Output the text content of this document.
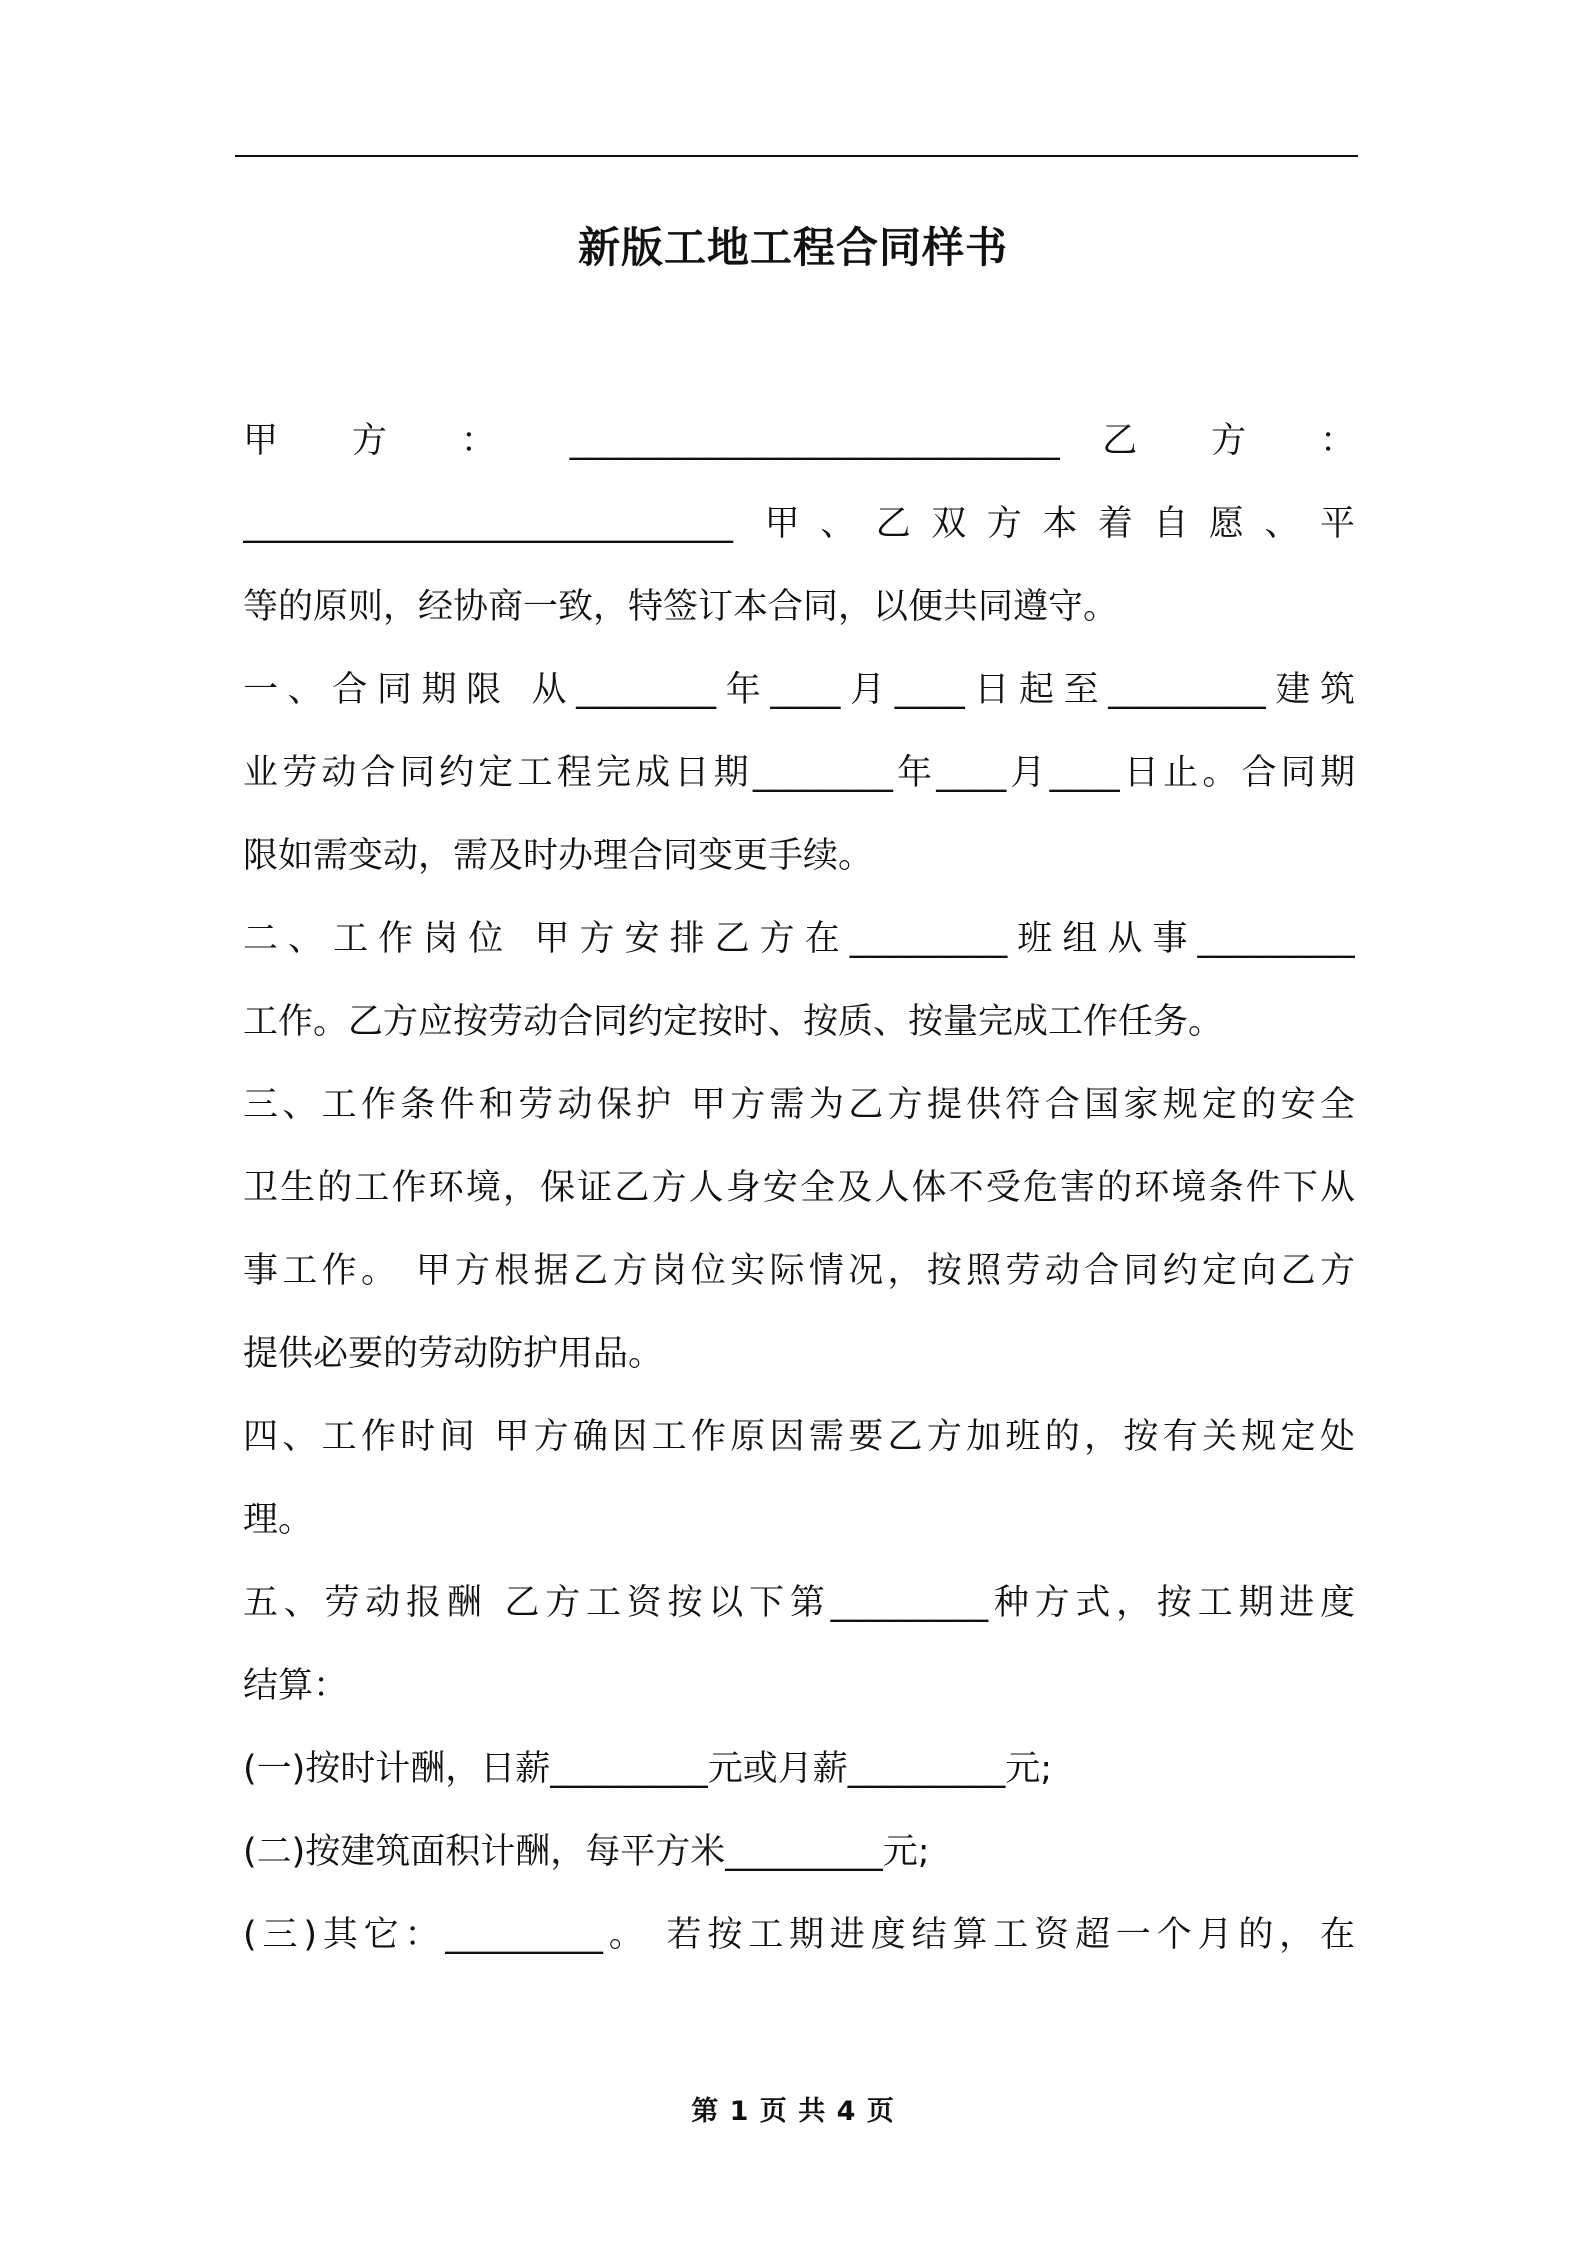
新版工地工程合同样书
甲 方 ： ____________________________ 乙 方 ：
____________________________ 甲、乙双方本着自愿、平
等的原则，经协商一致，特签订本合同，以便共同遵守。
一、合同期限 从________年____月____日起至_________建筑
业劳动合同约定工程完成日期________年____月____日止。合同期
限如需变动，需及时办理合同变更手续。
二、工作岗位 甲方安排乙方在_________班组从事_________
工作。乙方应按劳动合同约定按时、按质、按量完成工作任务。
三、工作条件和劳动保护 甲方需为乙方提供符合国家规定的安全
卫生的工作环境，保证乙方人身安全及人体不受危害的环境条件下从
事工作。 甲方根据乙方岗位实际情况，按照劳动合同约定向乙方
提供必要的劳动防护用品。
四、工作时间 甲方确因工作原因需要乙方加班的，按有关规定处
理。
五、劳动报酬 乙方工资按以下第_________种方式，按工期进度
结算：
(一)按时计酬，日薪_________元或月薪_________元;
(二)按建筑面积计酬，每平方米_________元;
(三)其它：_________。 若按工期进度结算工资超一个月的，在
第 1 页 共 4 页
